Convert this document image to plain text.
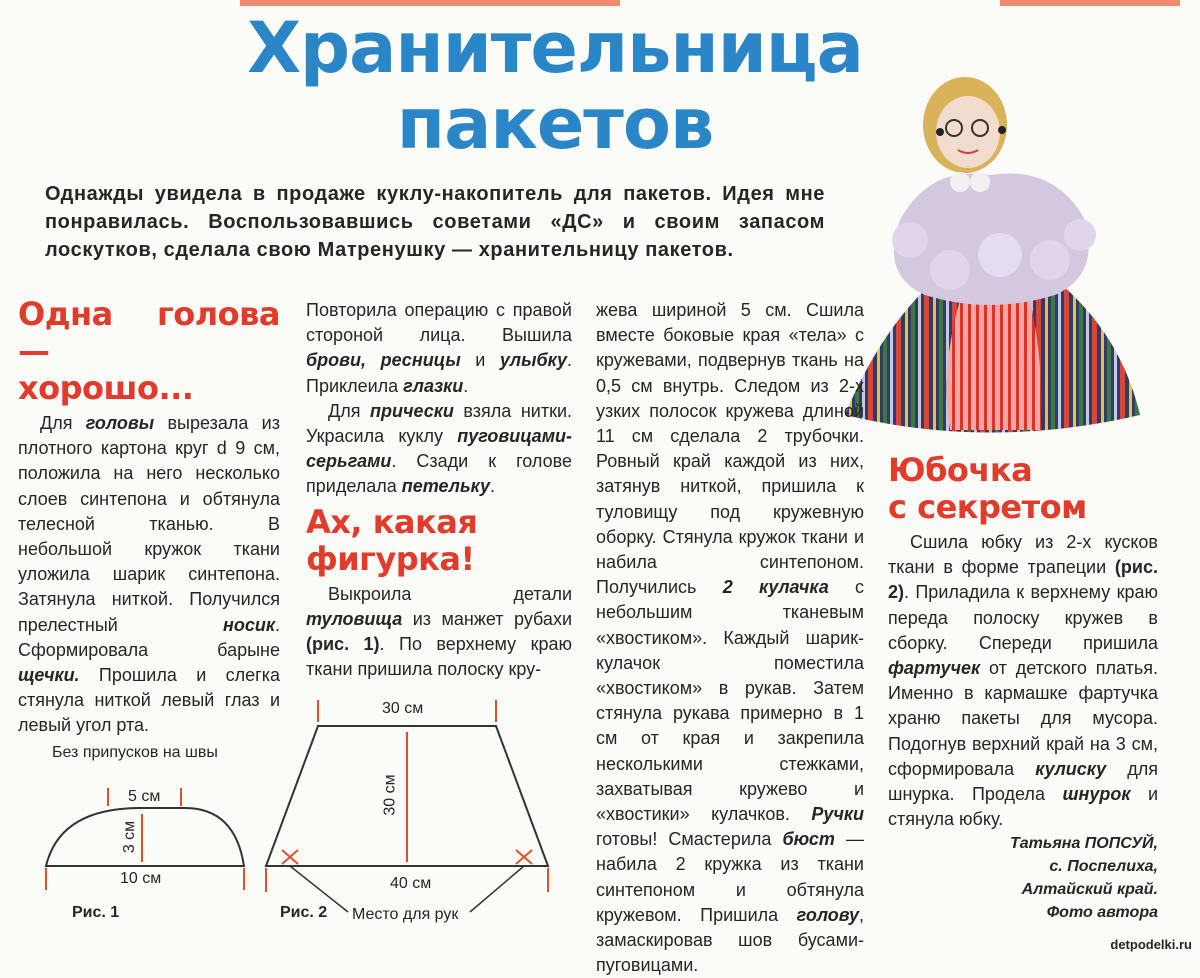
Хранительница
пакетов
Однажды увидела в продаже куклу-накопитель для пакетов. Идея мне понравилась. Воспользовавшись советами «ДС» и своим запасом лоскутков, сделала свою Матренушку — хранительницу пакетов.
Одна голова —
хорошо...

Для головы вырезала из плотного картона круг d 9 см, положила на него несколько слоев синтепона и обтянула телесной тканью. В небольшой кружок ткани уложила шарик синтепона. Затянула ниткой. Получился прелестный носик. Сформировала барыне щечки. Прошила и слегка стянула ниткой левый глаз и левый угол рта.

Повторила операцию с правой стороной лица. Вышила брови, ресницы и улыбку. Приклеила глазки.

Для прически взяла нитки. Украсила куклу пуговицами-серьгами. Сзади к голове приделала петельку.

Ах, какая
фигурка!

Выкроила детали туловища из манжет рубахи (рис. 1). По верхнему краю ткани пришила полоску кру-

жева шириной 5 см. Сшила вместе боковые края «тела» с кружевами, подвернув ткань на 0,5 см внутрь. Следом из 2-х узких полосок кружева длиной 11 см сделала 2 трубочки. Ровный край каждой из них, затянув ниткой, пришила к туловищу под кружевную оборку. Стянула кружок ткани и набила синтепоном. Получились 2 кулачка с небольшим тканевым «хвостиком». Каждый шарик-кулачок поместила «хвостиком» в рукав. Затем стянула рукава примерно в 1 см от края и закрепила несколькими стежками, захватывая кружево и «хвостики» кулачков. Ручки готовы! Смастерила бюст — набила 2 кружка из ткани синтепоном и обтянула кружевом. Пришила голову, замаскировав шов бусами-пуговицами.

Юбочка
с секретом

Сшила юбку из 2-х кусков ткани в форме трапеции (рис. 2). Приладила к верхнему краю переда полоску кружев в сборку. Спереди пришила фартучек от детского платья. Именно в кармашке фартучка храню пакеты для мусора. Подогнув верхний край на 3 см, сформировала кулиску для шнурка. Продела шнурок и стянула юбку.

Татьяна ПОПСУЙ,
с. Поспелиха,
Алтайский край.
Фото автора
Без припусков на швы
5 см
3 см
10 см
Рис. 1
30 см
30 см
40 см
Рис. 2 Место для рук
detpodelki.ru
